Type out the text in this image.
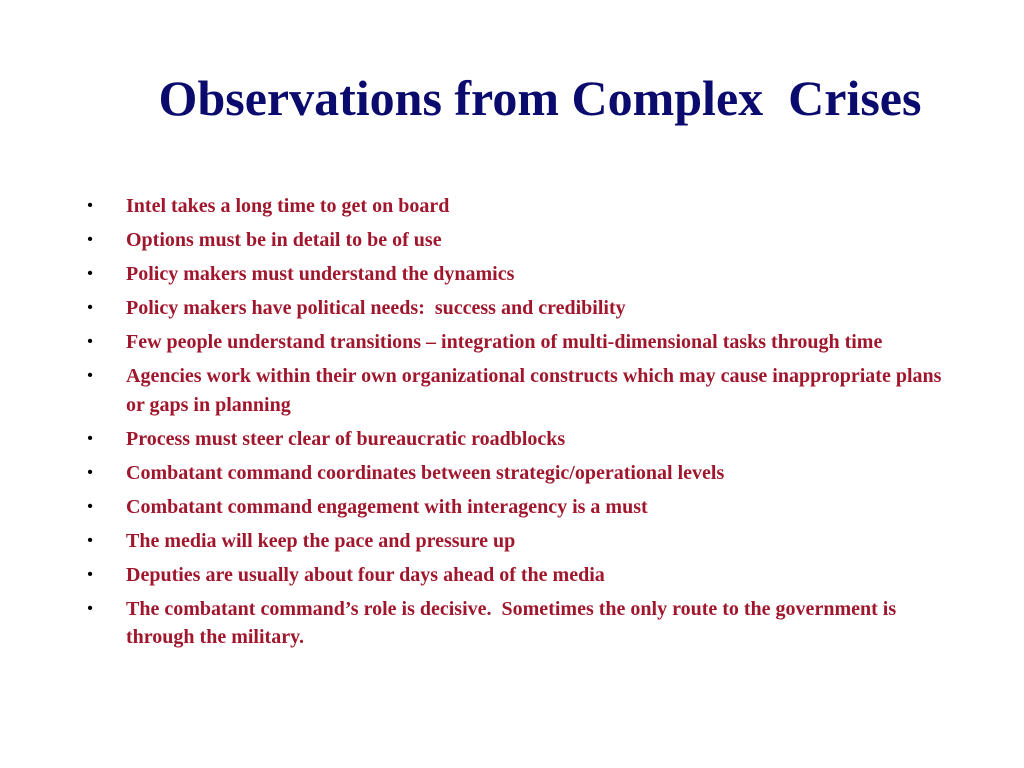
Observations from Complex  Crises
• Intel takes a long time to get on board
• Options must be in detail to be of use
• Policy makers must understand the dynamics
• Policy makers have political needs:  success and credibility
• Few people understand transitions – integration of multi-dimensional tasks through time
• Agencies work within their own organizational constructs which may cause inappropriate plans or gaps in planning
• Process must steer clear of bureaucratic roadblocks
• Combatant command coordinates between strategic/operational levels
• Combatant command engagement with interagency is a must
• The media will keep the pace and pressure up
• Deputies are usually about four days ahead of the media
• The combatant command’s role is decisive.  Sometimes the only route to the government is through the military.
